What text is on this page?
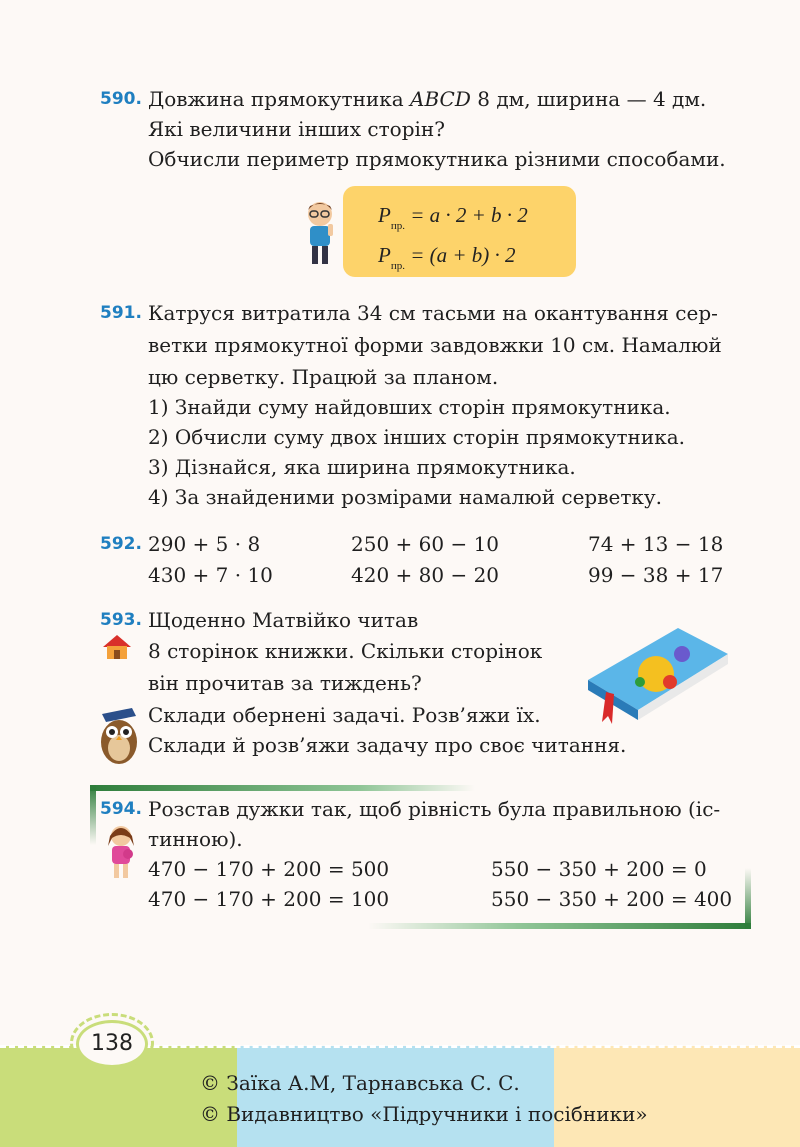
590. Довжина прямокутника ABCD 8 дм, ширина — 4 дм.
Які величини інших сторін?
Обчисли периметр прямокутника різними способами.
$P_{пр.} = a \cdot 2 + b \cdot 2$
$P_{пр.} = (a + b) \cdot 2$
591. Катруся витратила 34 см тасьми на окантування сер-
ветки прямокутної форми завдовжки 10 см. Намалюй
цю серветку. Працюй за планом.
1) Знайди суму найдовших сторін прямокутника.
2) Обчисли суму двох інших сторін прямокутника.
3) Дізнайся, яка ширина прямокутника.
4) За знайденими розмірами намалюй серветку.
592. 290 + 5 · 8	250 + 60 − 10	74 + 13 − 18
430 + 7 · 10	420 + 80 − 20	99 − 38 + 17
593. Щоденно Матвійко читав
8 сторінок книжки. Скільки сторінок
він прочитав за тиждень?
Склади обернені задачі. Розв’яжи їх.
Склади й розв’яжи задачу про своє читання.
594. Розстав дужки так, щоб рівність була правильною (іс-
тинною).
470 − 170 + 200 = 500	550 − 350 + 200 = 0
470 − 170 + 200 = 100	550 − 350 + 200 = 400
138
© Заїка А.М, Тарнавська С. С.
© Видавництво «Підручники і посібники»
